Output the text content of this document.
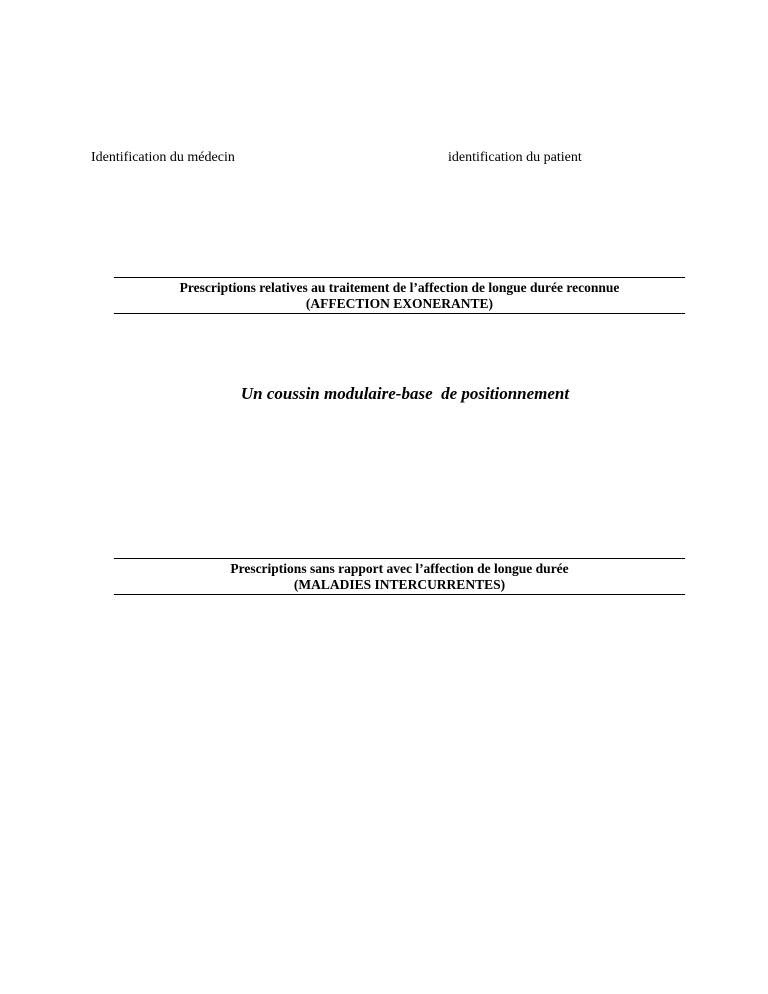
Identification du médecin	identification du patient
Prescriptions relatives au traitement de l’affection de longue durée reconnue
(AFFECTION EXONERANTE)
Un coussin modulaire-base  de positionnement
Prescriptions sans rapport avec l’affection de longue durée
(MALADIES INTERCURRENTES)
